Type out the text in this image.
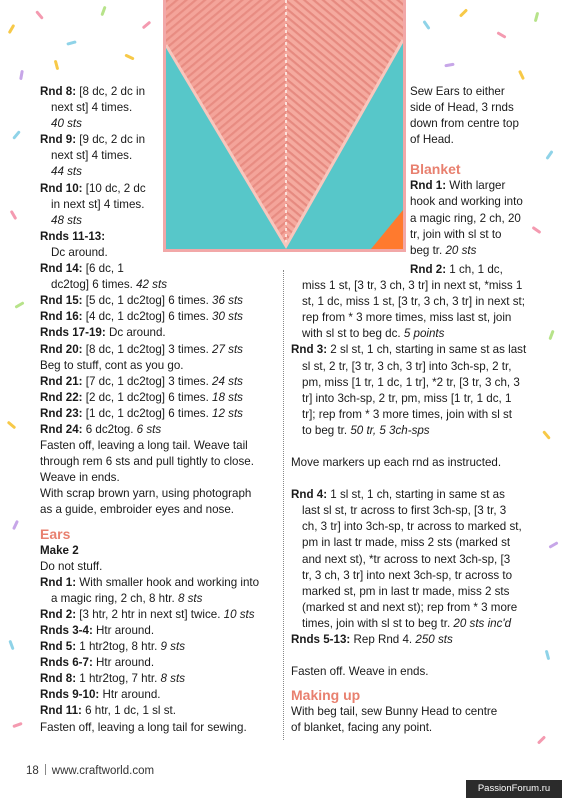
Rnd 8: [8 dc, 2 dc in

next st] 4 times.

40 sts

Rnd 9: [9 dc, 2 dc in

next st] 4 times.

44 sts

Rnd 10: [10 dc, 2 dc

in next st] 4 times.

48 sts

Rnds 11-13:

Dc around.

Rnd 14: [6 dc, 1

dc2tog] 6 times. 42 sts

Rnd 15: [5 dc, 1 dc2tog] 6 times. 36 sts

Rnd 16: [4 dc, 1 dc2tog] 6 times. 30 sts

Rnds 17-19: Dc around.

Rnd 20: [8 dc, 1 dc2tog] 3 times. 27 sts

Beg to stuff, cont as you go.

Rnd 21: [7 dc, 1 dc2tog] 3 times. 24 sts

Rnd 22: [2 dc, 1 dc2tog] 6 times. 18 sts

Rnd 23: [1 dc, 1 dc2tog] 6 times. 12 sts

Rnd 24: 6 dc2tog. 6 sts

Fasten off, leaving a long tail. Weave tail

through rem 6 sts and pull tightly to close.

Weave in ends.

With scrap brown yarn, using photograph

as a guide, embroider eyes and nose.

Ears

Make 2

Do not stuff.

Rnd 1: With smaller hook and working into

a magic ring, 2 ch, 8 htr. 8 sts

Rnd 2: [3 htr, 2 htr in next st] twice. 10 sts

Rnds 3-4: Htr around.

Rnd 5: 1 htr2tog, 8 htr. 9 sts

Rnds 6-7: Htr around.

Rnd 8: 1 htr2tog, 7 htr. 8 sts

Rnds 9-10: Htr around.

Rnd 11: 6 htr, 1 dc, 1 sl st.

Fasten off, leaving a long tail for sewing.

Sew Ears to either

side of Head, 3 rnds

down from centre top

of Head.

Blanket

Rnd 1: With larger

hook and working into

a magic ring, 2 ch, 20

tr, join with sl st to

beg tr. 20 sts

Rnd 2: 1 ch, 1 dc,

miss 1 st, [3 tr, 3 ch, 3 tr] in next st, *miss 1

st, 1 dc, miss 1 st, [3 tr, 3 ch, 3 tr] in next st;

rep from * 3 more times, miss last st, join

with sl st to beg dc. 5 points

Rnd 3: 2 sl st, 1 ch, starting in same st as last

sl st, 2 tr, [3 tr, 3 ch, 3 tr] into 3ch-sp, 2 tr,

pm, miss [1 tr, 1 dc, 1 tr], *2 tr, [3 tr, 3 ch, 3

tr] into 3ch-sp, 2 tr, pm, miss [1 tr, 1 dc, 1

tr]; rep from * 3 more times, join with sl st

to beg tr. 50 tr, 5 3ch-sps

Move markers up each rnd as instructed.

Rnd 4: 1 sl st, 1 ch, starting in same st as

last sl st, tr across to first 3ch-sp, [3 tr, 3

ch, 3 tr] into 3ch-sp, tr across to marked st,

pm in last tr made, miss 2 sts (marked st

and next st), *tr across to next 3ch-sp, [3

tr, 3 ch, 3 tr] into next 3ch-sp, tr across to

marked st, pm in last tr made, miss 2 sts

(marked st and next st); rep from * 3 more

times, join with sl st to beg tr. 20 sts inc'd

Rnds 5-13: Rep Rnd 4. 250 sts

Fasten off. Weave in ends.

Making up

With beg tail, sew Bunny Head to centre

of blanket, facing any point.

18 www.craftworld.com
PassionForum.ru
